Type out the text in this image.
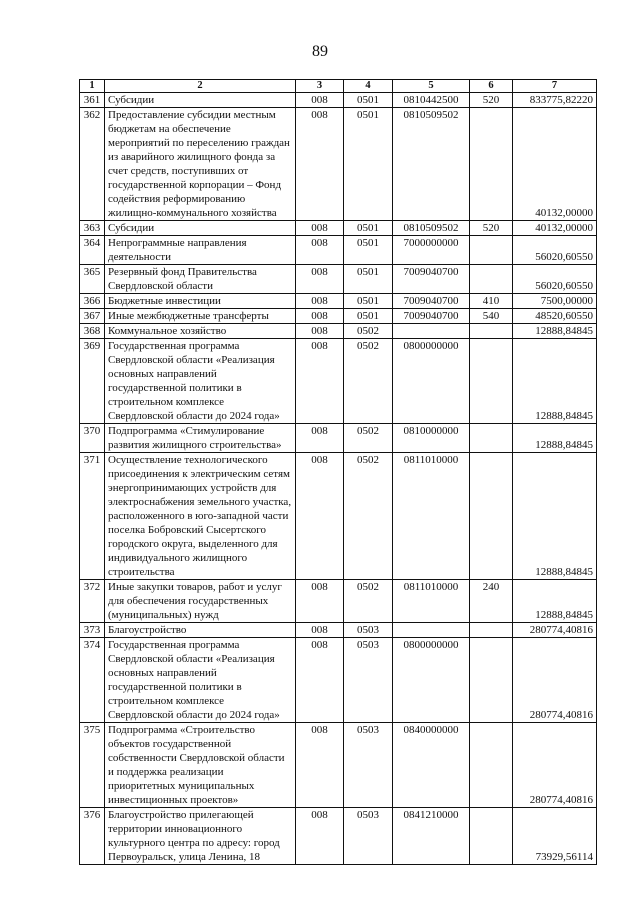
89
1	2	3	4	5	6	7
361	Субсидии	008	0501	0810442500	520	833775,82220
362	Предоставление субсидии местным бюджетам на обеспечение мероприятий по переселению граждан из аварийного жилищного фонда за счет средств, поступивших от государственной корпорации – Фонд содействия реформированию жилищно-коммунального хозяйства	008	0501	0810509502		40132,00000
363	Субсидии	008	0501	0810509502	520	40132,00000
364	Непрограммные направления деятельности	008	0501	7000000000		56020,60550
365	Резервный фонд Правительства Свердловской области	008	0501	7009040700		56020,60550
366	Бюджетные инвестиции	008	0501	7009040700	410	7500,00000
367	Иные межбюджетные трансферты	008	0501	7009040700	540	48520,60550
368	Коммунальное хозяйство	008	0502			12888,84845
369	Государственная программа Свердловской области «Реализация основных направлений государственной политики в строительном комплексе Свердловской области до 2024 года»	008	0502	0800000000		12888,84845
370	Подпрограмма «Стимулирование развития жилищного строительства»	008	0502	0810000000		12888,84845
371	Осуществление технологического присоединения к электрическим сетям энергопринимающих устройств для электроснабжения земельного участка, расположенного в юго-западной части поселка Бобровский Сысертского городского округа, выделенного для индивидуального жилищного строительства	008	0502	0811010000		12888,84845
372	Иные закупки товаров, работ и услуг для обеспечения государственных (муниципальных) нужд	008	0502	0811010000	240	12888,84845
373	Благоустройство	008	0503			280774,40816
374	Государственная программа Свердловской области «Реализация основных направлений государственной политики в строительном комплексе Свердловской области до 2024 года»	008	0503	0800000000		280774,40816
375	Подпрограмма «Строительство объектов государственной собственности Свердловской области и поддержка реализации приоритетных муниципальных инвестиционных проектов»	008	0503	0840000000		280774,40816
376	Благоустройство прилегающей территории инновационного культурного центра по адресу: город Первоуральск, улица Ленина, 18	008	0503	0841210000		73929,56114
